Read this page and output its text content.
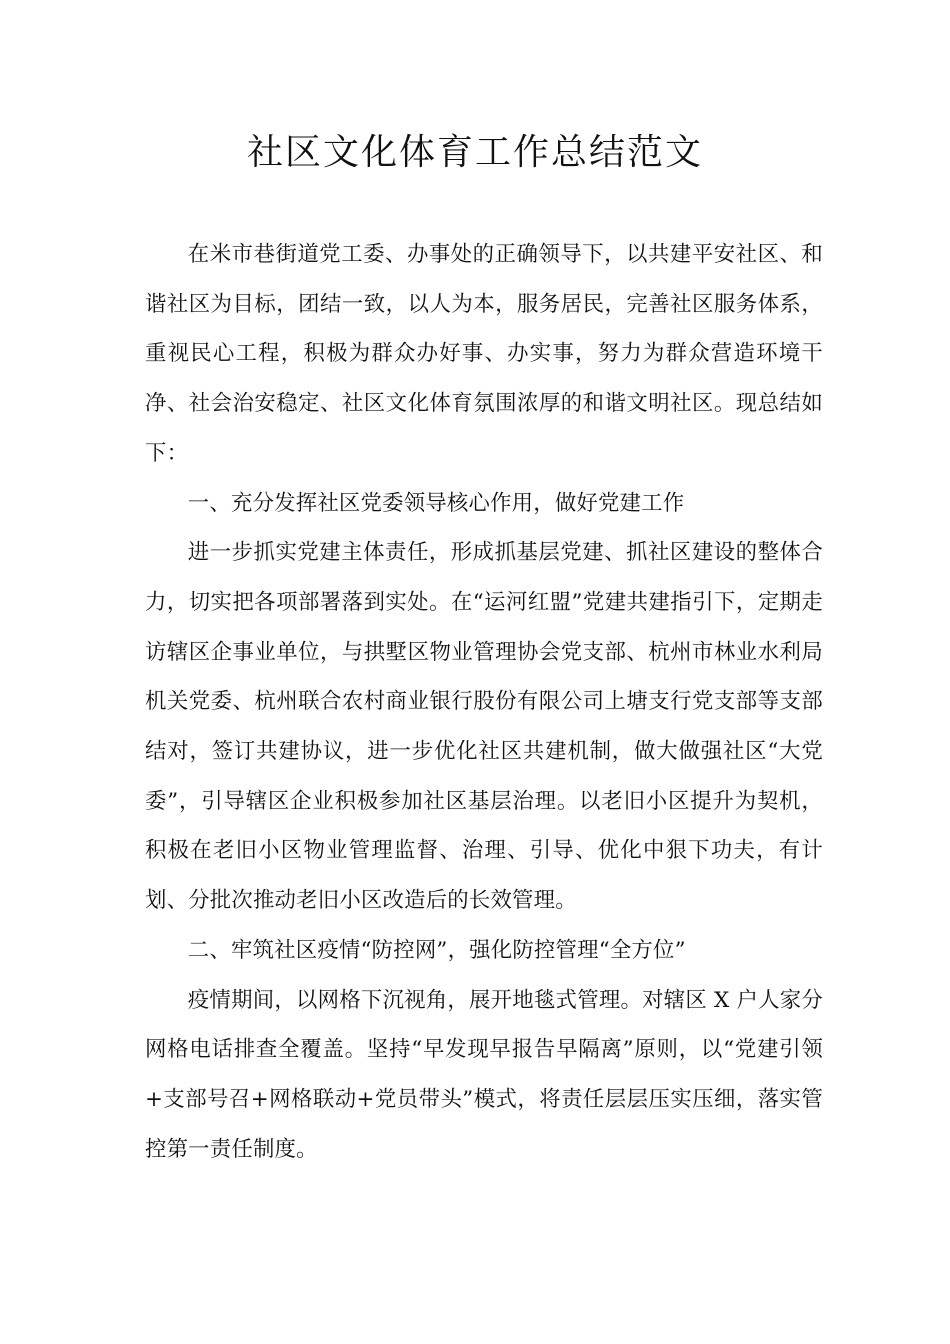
社区文化体育工作总结范文

在米市巷街道党工委、办事处的正确领导下，以共建平安社区、和谐社区为目标，团结一致，以人为本，服务居民，完善社区服务体系，重视民心工程，积极为群众办好事、办实事，努力为群众营造环境干净、社会治安稳定、社区文化体育氛围浓厚的和谐文明社区。现总结如下：

一、充分发挥社区党委领导核心作用，做好党建工作

进一步抓实党建主体责任，形成抓基层党建、抓社区建设的整体合力，切实把各项部署落到实处。在“运河红盟”党建共建指引下，定期走访辖区企事业单位，与拱墅区物业管理协会党支部、杭州市林业水利局机关党委、杭州联合农村商业银行股份有限公司上塘支行党支部等支部结对，签订共建协议，进一步优化社区共建机制，做大做强社区“大党委”，引导辖区企业积极参加社区基层治理。以老旧小区提升为契机，积极在老旧小区物业管理监督、治理、引导、优化中狠下功夫，有计划、分批次推动老旧小区改造后的长效管理。

二、牢筑社区疫情“防控网”，强化防控管理“全方位”

疫情期间，以网格下沉视角，展开地毯式管理。对辖区 X 户人家分网格电话排查全覆盖。坚持“早发现早报告早隔离”原则，以“党建引领+支部号召+网格联动+党员带头”模式，将责任层层压实压细，落实管控第一责任制度。
